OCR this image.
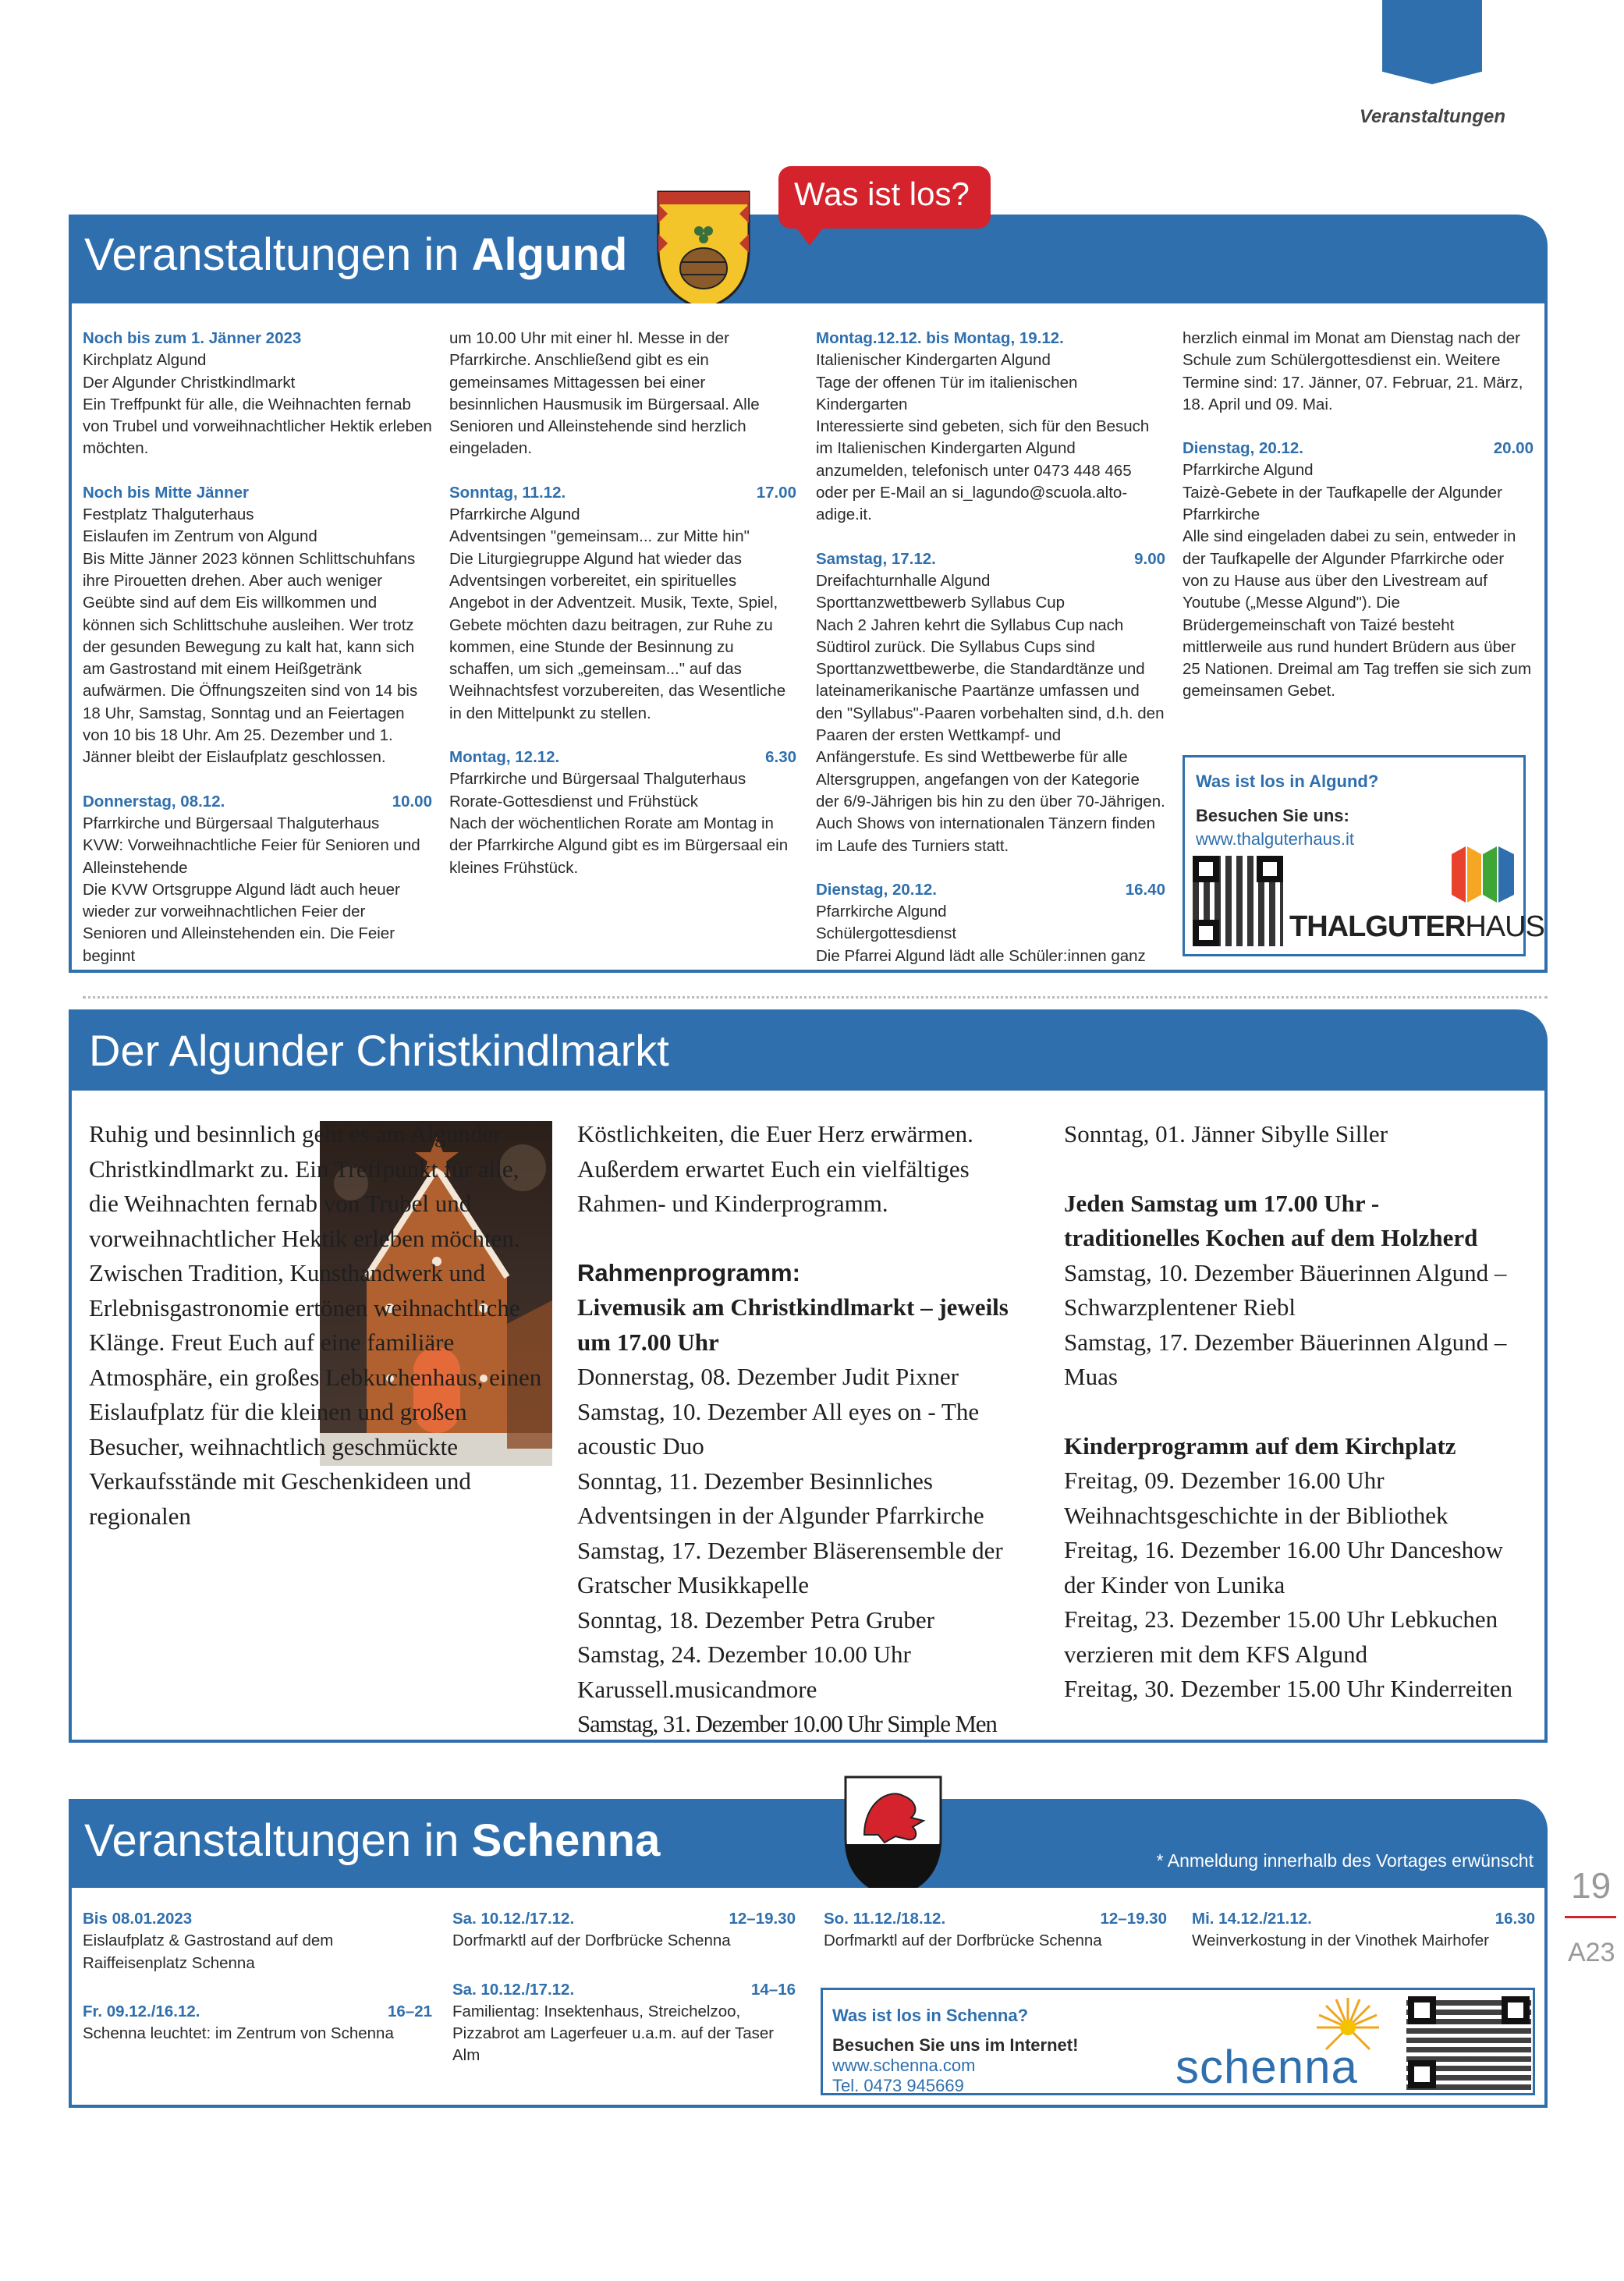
Veranstaltungen
Veranstaltungen in Algund
Was ist los?

Noch bis zum 1. Jänner 2023
Kirchplatz Algund
Der Algunder Christkindlmarkt
Ein Treffpunkt für alle, die Weihnachten fernab von Trubel und vorweihnachtlicher Hektik erleben möchten.

Noch bis Mitte Jänner
Festplatz Thalguterhaus
Eislaufen im Zentrum von Algund
Bis Mitte Jänner 2023 können Schlittschuhfans ihre Pirouetten drehen. Aber auch weniger Geübte sind auf dem Eis willkommen und können sich Schlittschuhe ausleihen. Wer trotz der gesunden Bewegung zu kalt hat, kann sich am Gastrostand mit einem Heißgetränk aufwärmen. Die Öffnungszeiten sind von 14 bis 18 Uhr, Samstag, Sonntag und an Feiertagen von 10 bis 18 Uhr. Am 25. Dezember und 1. Jänner bleibt der Eislaufplatz geschlossen.

Donnerstag, 08.12.	10.00
Pfarrkirche und Bürgersaal Thalguterhaus
KVW: Vorweihnachtliche Feier für Senioren und Alleinstehende
Die KVW Ortsgruppe Algund lädt auch heuer wieder zur vorweihnachtlichen Feier der Senioren und Alleinstehenden ein. Die Feier beginnt

um 10.00 Uhr mit einer hl. Messe in der Pfarrkirche. Anschließend gibt es ein gemeinsames Mittagessen bei einer besinnlichen Hausmusik im Bürgersaal. Alle Senioren und Alleinstehende sind herzlich eingeladen.

Sonntag, 11.12.	17.00
Pfarrkirche Algund
Adventsingen "gemeinsam... zur Mitte hin"
Die Liturgiegruppe Algund hat wieder das Adventsingen vorbereitet, ein spirituelles Angebot in der Adventzeit. Musik, Texte, Spiel, Gebete möchten dazu beitragen, zur Ruhe zu kommen, eine Stunde der Besinnung zu schaffen, um sich „gemeinsam..." auf das Weihnachtsfest vorzubereiten, das Wesentliche in den Mittelpunkt zu stellen.

Montag, 12.12.	6.30
Pfarrkirche und Bürgersaal Thalguterhaus
Rorate-Gottesdienst und Frühstück
Nach der wöchentlichen Rorate am Montag in der Pfarrkirche Algund gibt es im Bürgersaal ein kleines Frühstück.

Montag.12.12. bis Montag, 19.12.
Italienischer Kindergarten Algund
Tage der offenen Tür im italienischen Kindergarten
Interessierte sind gebeten, sich für den Besuch im Italienischen Kindergarten Algund anzumelden, telefonisch unter 0473 448 465 oder per E-Mail an si_lagundo@scuola.alto-adige.it.

Samstag, 17.12.	9.00
Dreifachturnhalle Algund
Sporttanzwettbewerb Syllabus Cup
Nach 2 Jahren kehrt die Syllabus Cup nach Südtirol zurück. Die Syllabus Cups sind Sporttanzwettbewerbe, die Standardtänze und lateinamerikanische Paartänze umfassen und den "Syllabus"-Paaren vorbehalten sind, d.h. den Paaren der ersten Wettkampf- und Anfängerstufe. Es sind Wettbewerbe für alle Altersgruppen, angefangen von der Kategorie der 6/9-Jährigen bis hin zu den über 70-Jährigen. Auch Shows von internationalen Tänzern finden im Laufe des Turniers statt.

Dienstag, 20.12.	16.40
Pfarrkirche Algund
Schülergottesdienst
Die Pfarrei Algund lädt alle Schüler:innen ganz

herzlich einmal im Monat am Dienstag nach der Schule zum Schülergottesdienst ein. Weitere Termine sind: 17. Jänner, 07. Februar, 21. März, 18. April und 09. Mai.

Dienstag, 20.12.	20.00
Pfarrkirche Algund
Taizè-Gebete in der Taufkapelle der Algunder Pfarrkirche
Alle sind eingeladen dabei zu sein, entweder in der Taufkapelle der Algunder Pfarrkirche oder von zu Hause aus über den Livestream auf Youtube („Messe Algund"). Die Brüdergemeinschaft von Taizé besteht mittlerweile aus rund hundert Brüdern aus über 25 Nationen. Dreimal am Tag treffen sie sich zum gemeinsamen Gebet.

Was ist los in Algund?
Besuchen Sie uns:
www.thalguterhaus.it
THALGUTERHAUS
Der Algunder Christkindlmarkt
Ruhig und besinnlich geht es am Algunder Christkindlmarkt zu. Ein Treffpunkt für alle, die Weihnachten fernab von Trubel und vorweihnachtlicher Hektik erleben möchten. Zwischen Tradition, Kunsthandwerk und Erlebnisgastronomie ertönen weihnachtliche Klänge. Freut Euch auf eine familiäre Atmosphäre, ein großes Lebkuchenhaus, einen Eislaufplatz für die kleinen und großen Besucher, weihnachtlich geschmückte Verkaufsstände mit Geschenkideen und regionalen

Köstlichkeiten, die Euer Herz erwärmen. Außerdem erwartet Euch ein vielfältiges Rahmen- und Kinderprogramm.

Rahmenprogramm:
Livemusik am Christkindlmarkt – jeweils um 17.00 Uhr
Donnerstag, 08. Dezember Judit Pixner
Samstag, 10. Dezember All eyes on - The acoustic Duo
Sonntag, 11. Dezember Besinnliches Adventsingen in der Algunder Pfarrkirche
Samstag, 17. Dezember Bläserensemble der Gratscher Musikkapelle
Sonntag, 18. Dezember Petra Gruber
Samstag, 24. Dezember 10.00 Uhr Karussell.musicandmore
Samstag, 31. Dezember 10.00 Uhr Simple Men

Sonntag, 01. Jänner Sibylle Siller

Jeden Samstag um 17.00 Uhr - traditionelles Kochen auf dem Holzherd

Samstag, 10. Dezember Bäuerinnen Algund – Schwarzplentener Riebl
Samstag, 17. Dezember Bäuerinnen Algund – Muas

Kinderprogramm auf dem Kirchplatz
Freitag, 09. Dezember 16.00 Uhr Weihnachtsgeschichte in der Bibliothek
Freitag, 16. Dezember 16.00 Uhr Danceshow der Kinder von Lunika
Freitag, 23. Dezember 15.00 Uhr Lebkuchen verzieren mit dem KFS Algund
Freitag, 30. Dezember 15.00 Uhr Kinderreiten
Veranstaltungen in Schenna	* Anmeldung innerhalb des Vortages erwünscht

Bis 08.01.2023
Eislaufplatz & Gastrostand auf dem Raiffeisenplatz Schenna

Fr. 09.12./16.12.	16–21
Schenna leuchtet: im Zentrum von Schenna

Sa. 10.12./17.12.	12–19.30
Dorfmarktl auf der Dorfbrücke Schenna

Sa. 10.12./17.12.	14–16
Familientag: Insektenhaus, Streichelzoo, Pizzabrot am Lagerfeuer u.a.m. auf der Taser Alm

So. 11.12./18.12.	12–19.30
Dorfmarktl auf der Dorfbrücke Schenna

Mi. 14.12./21.12.	16.30
Weinverkostung in der Vinothek Mairhofer

Was ist los in Schenna?
Besuchen Sie uns im Internet!
www.schenna.com
Tel. 0473 945669	schenna
19
A23
